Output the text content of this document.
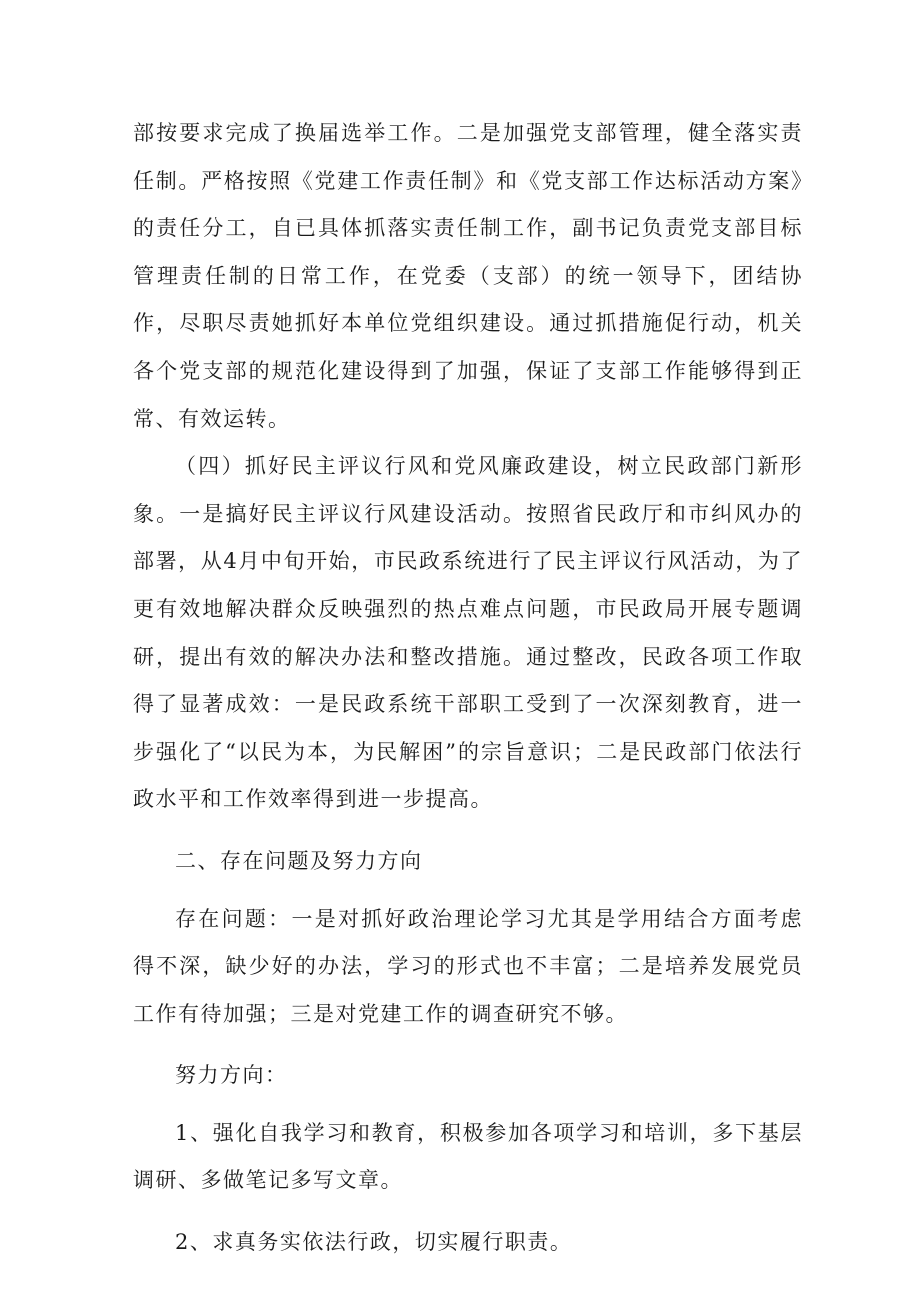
部按要求完成了换届选举工作。二是加强党支部管理，健全落实责任制。严格按照《党建工作责任制》和《党支部工作达标活动方案》的责任分工，自已具体抓落实责任制工作，副书记负责党支部目标管理责任制的日常工作，在党委（支部）的统一领导下，团结协作，尽职尽责她抓好本单位党组织建设。通过抓措施促行动，机关各个党支部的规范化建设得到了加强，保证了支部工作能够得到正常、有效运转。

（四）抓好民主评议行风和党风廉政建设，树立民政部门新形象。一是搞好民主评议行风建设活动。按照省民政厅和市纠风办的部署，从4月中旬开始，市民政系统进行了民主评议行风活动，为了更有效地解决群众反映强烈的热点难点问题，市民政局开展专题调研，提出有效的解决办法和整改措施。通过整改，民政各项工作取得了显著成效：一是民政系统干部职工受到了一次深刻教育，进一步强化了“以民为本，为民解困”的宗旨意识；二是民政部门依法行政水平和工作效率得到进一步提高。

二、存在问题及努力方向

存在问题：一是对抓好政治理论学习尤其是学用结合方面考虑得不深，缺少好的办法，学习的形式也不丰富；二是培养发展党员工作有待加强；三是对党建工作的调查研究不够。

努力方向：

1、强化自我学习和教育，积极参加各项学习和培训，多下基层调研、多做笔记多写文章。

2、求真务实依法行政，切实履行职责。
